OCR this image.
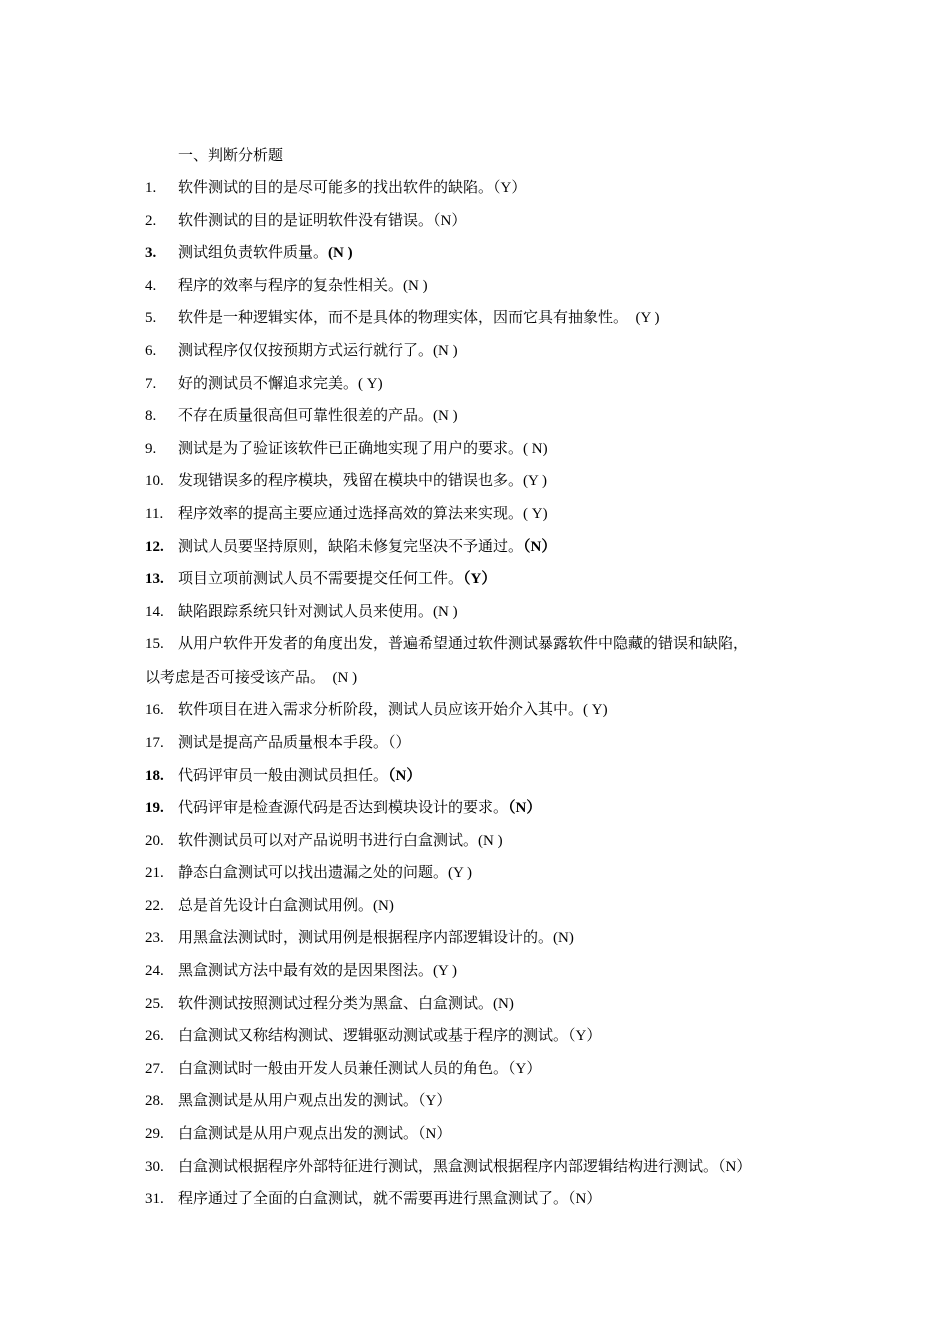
一、判断分析题
1. 软件测试的目的是尽可能多的找出软件的缺陷。（Y）
2. 软件测试的目的是证明软件没有错误。（N）
3. 测试组负责软件质量。(N )
4. 程序的效率与程序的复杂性相关。(N )
5. 软件是一种逻辑实体，而不是具体的物理实体，因而它具有抽象性。  (Y )
6. 测试程序仅仅按预期方式运行就行了。(N )
7. 好的测试员不懈追求完美。( Y)
8. 不存在质量很高但可靠性很差的产品。(N )
9. 测试是为了验证该软件已正确地实现了用户的要求。( N)
10. 发现错误多的程序模块，残留在模块中的错误也多。(Y )
11. 程序效率的提高主要应通过选择高效的算法来实现。( Y)
12. 测试人员要坚持原则，缺陷未修复完坚决不予通过。（N）
13. 项目立项前测试人员不需要提交任何工件。（Y）
14. 缺陷跟踪系统只针对测试人员来使用。(N )
15. 从用户软件开发者的角度出发，普遍希望通过软件测试暴露软件中隐藏的错误和缺陷，
以考虑是否可接受该产品。  (N )
16. 软件项目在进入需求分析阶段，测试人员应该开始介入其中。( Y)
17. 测试是提高产品质量根本手段。（）
18. 代码评审员一般由测试员担任。（N）
19. 代码评审是检查源代码是否达到模块设计的要求。（N）
20. 软件测试员可以对产品说明书进行白盒测试。(N )
21. 静态白盒测试可以找出遗漏之处的问题。(Y )
22. 总是首先设计白盒测试用例。(N)
23. 用黑盒法测试时，测试用例是根据程序内部逻辑设计的。(N)
24. 黑盒测试方法中最有效的是因果图法。(Y )
25. 软件测试按照测试过程分类为黑盒、白盒测试。(N)
26. 白盒测试又称结构测试、逻辑驱动测试或基于程序的测试。（Y）
27. 白盒测试时一般由开发人员兼任测试人员的角色。（Y）
28. 黑盒测试是从用户观点出发的测试。（Y）
29. 白盒测试是从用户观点出发的测试。（N）
30. 白盒测试根据程序外部特征进行测试，黑盒测试根据程序内部逻辑结构进行测试。（N）
31. 程序通过了全面的白盒测试，就不需要再进行黑盒测试了。（N）
